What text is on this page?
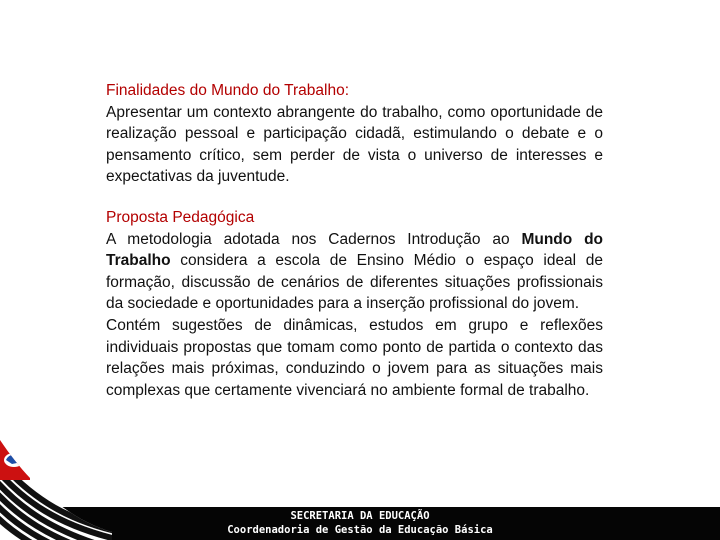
Finalidades do Mundo do Trabalho:
Apresentar um contexto abrangente do trabalho, como oportunidade de realização pessoal e participação cidadã, estimulando o debate e o pensamento crítico, sem perder de vista o universo de interesses e expectativas da juventude.
Proposta Pedagógica
A metodologia adotada nos Cadernos Introdução ao Mundo do Trabalho considera a escola de Ensino Médio o espaço ideal de formação, discussão de cenários de diferentes situações profissionais da sociedade e oportunidades para a inserção profissional do jovem.
Contém sugestões de dinâmicas, estudos em grupo e reflexões individuais propostas que tomam como ponto de partida o contexto das relações mais próximas, conduzindo o jovem para as situações mais complexas que certamente vivenciará no ambiente formal de trabalho.
SECRETARIA DA EDUCAÇÃO
Coordenadoria de Gestão da Educação Básica
